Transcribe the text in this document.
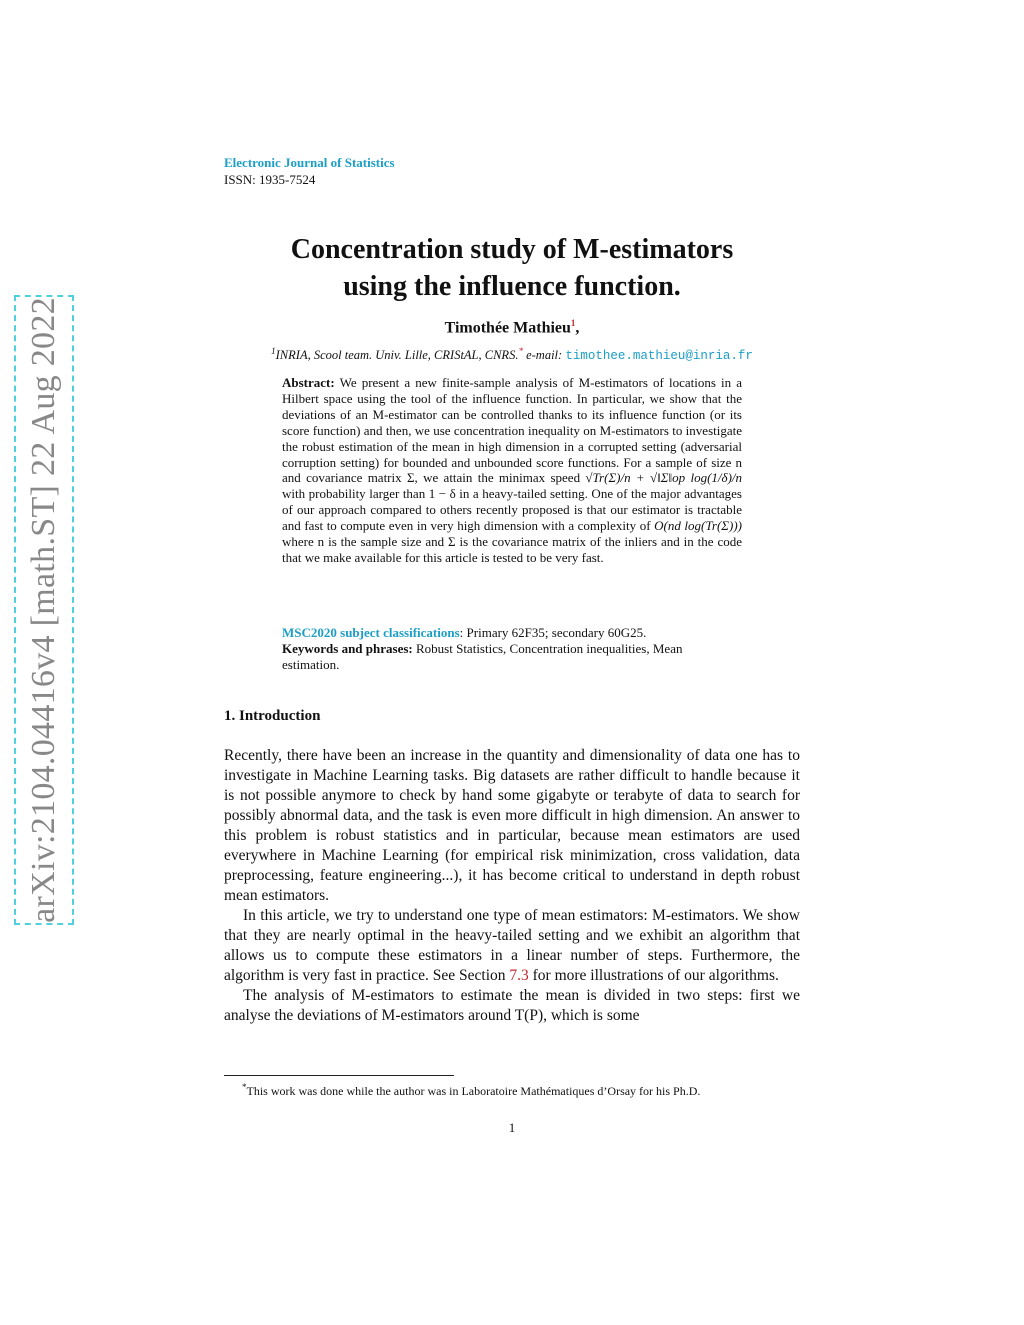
arXiv:2104.04416v4 [math.ST] 22 Aug 2022
Electronic Journal of Statistics
ISSN: 1935-7524
Concentration study of M-estimators
using the influence function.
Timothée Mathieu$^1$,
$^1$INRIA, Scool team. Univ. Lille, CRIStAL, CNRS.* e-mail: timothee.mathieu@inria.fr
Abstract: We present a new finite-sample analysis of M-estimators of locations in a Hilbert space using the tool of the influence function. In particular, we show that the deviations of an M-estimator can be controlled thanks to its influence function (or its score function) and then, we use concentration inequality on M-estimators to investigate the robust estimation of the mean in high dimension in a corrupted setting (adversarial corruption setting) for bounded and unbounded score functions. For a sample of size n and covariance matrix Σ, we attain the minimax speed √Tr(Σ)/n + √‖Σ‖op log(1/δ)/n with probability larger than 1 − δ in a heavy-tailed setting. One of the major advantages of our approach compared to others recently proposed is that our estimator is tractable and fast to compute even in very high dimension with a complexity of O(nd log(Tr(Σ))) where n is the sample size and Σ is the covariance matrix of the inliers and in the code that we make available for this article is tested to be very fast.
MSC2020 subject classifications: Primary 62F35; secondary 60G25.
Keywords and phrases: Robust Statistics, Concentration inequalities, Mean estimation.
1. Introduction

Recently, there have been an increase in the quantity and dimensionality of data one has to investigate in Machine Learning tasks. Big datasets are rather difficult to handle because it is not possible anymore to check by hand some gigabyte or terabyte of data to search for possibly abnormal data, and the task is even more difficult in high dimension. An answer to this problem is robust statistics and in particular, because mean estimators are used everywhere in Machine Learning (for empirical risk minimization, cross validation, data preprocessing, feature engineering...), it has become critical to understand in depth robust mean estimators.

In this article, we try to understand one type of mean estimators: M-estimators. We show that they are nearly optimal in the heavy-tailed setting and we exhibit an algorithm that allows us to compute these estimators in a linear number of steps. Furthermore, the algorithm is very fast in practice. See Section 7.3 for more illustrations of our algorithms.

The analysis of M-estimators to estimate the mean is divided in two steps: first we analyse the deviations of M-estimators around T(P), which is some

*This work was done while the author was in Laboratoire Mathématiques d’Orsay for his Ph.D.
1
